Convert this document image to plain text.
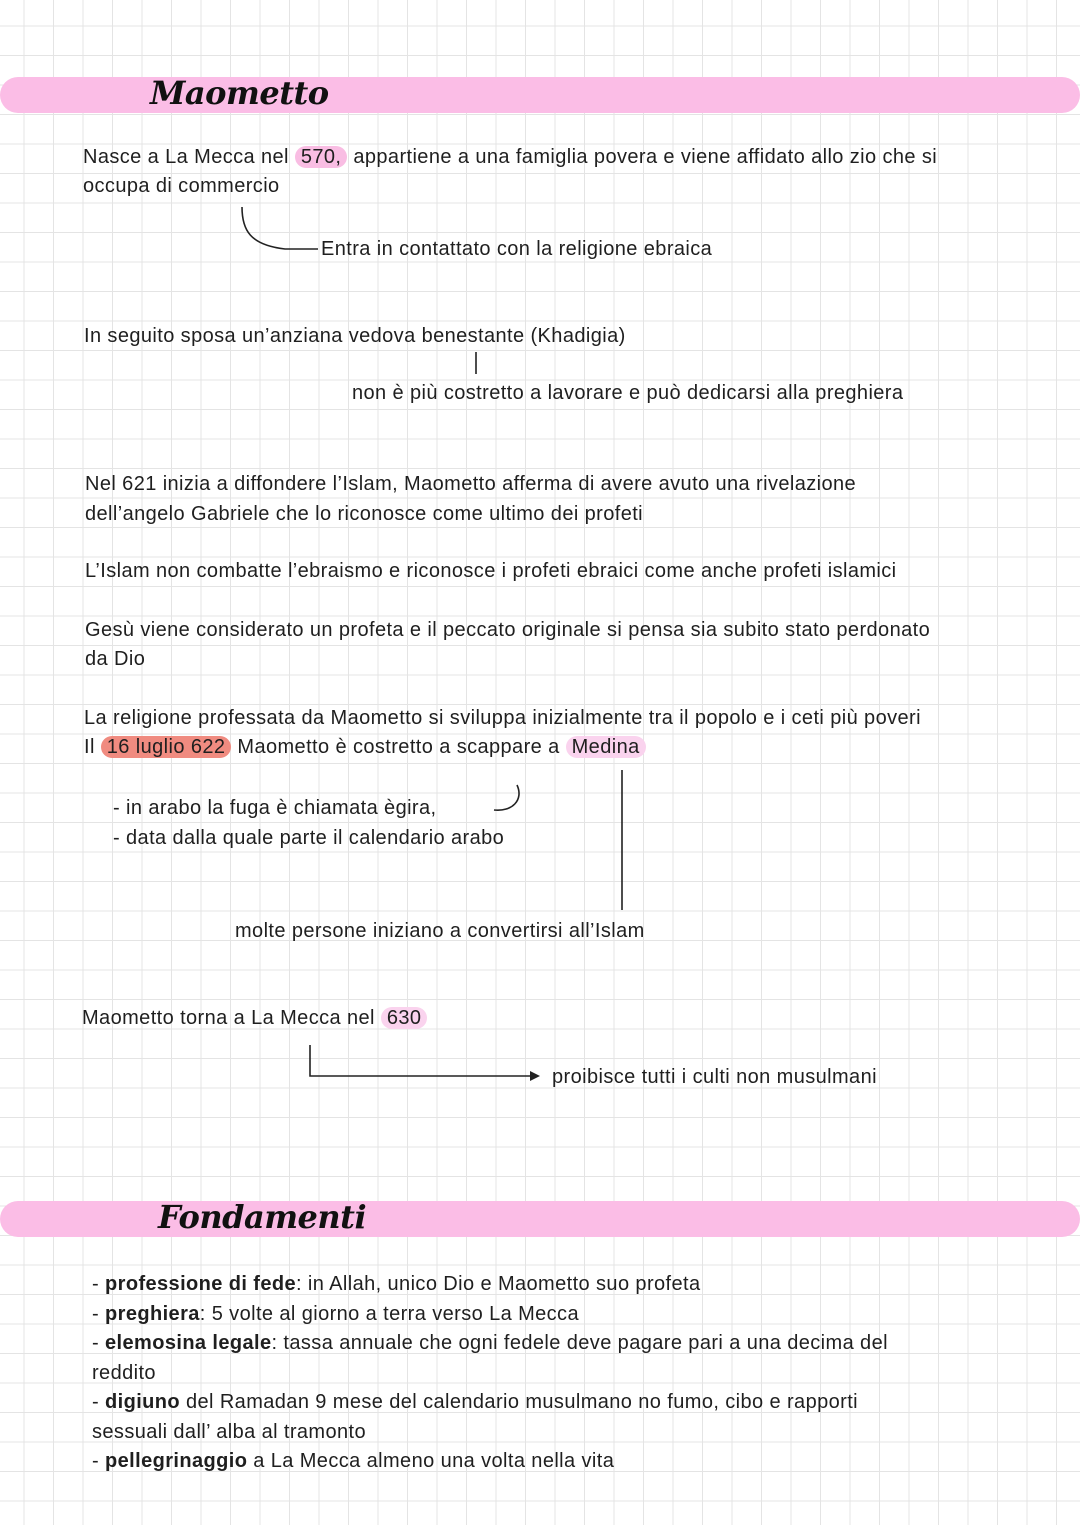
Maometto
Nasce a La Mecca nel 570, appartiene a una famiglia povera e viene affidato allo zio che si
occupa di commercio
Entra in contattato con la religione ebraica
In seguito sposa un’anziana vedova benestante (Khadigia)
non è più costretto a lavorare e può dedicarsi alla preghiera
Nel 621 inizia a diffondere l’Islam, Maometto afferma di avere avuto una rivelazione
dell’angelo Gabriele che lo riconosce come ultimo dei profeti
L’Islam non combatte l’ebraismo e riconosce i profeti ebraici come anche profeti islamici
Gesù viene considerato un profeta e il peccato originale si pensa sia subito stato perdonato
da Dio
La religione professata da Maometto si sviluppa inizialmente tra il popolo e i ceti più poveri
Il 16 luglio 622 Maometto è costretto a scappare a Medina
- in arabo la fuga è chiamata ègira,
- data dalla quale parte il calendario arabo
molte persone iniziano a convertirsi all’Islam
Maometto torna a La Mecca nel 630
proibisce tutti i culti non musulmani
Fondamenti
- professione di fede: in Allah, unico Dio e Maometto suo profeta
- preghiera: 5 volte al giorno a terra verso La Mecca
- elemosina legale: tassa annuale che ogni fedele deve pagare pari a una decima del
reddito
- digiuno del Ramadan 9 mese del calendario musulmano no fumo, cibo e rapporti
sessuali dall’ alba al tramonto
- pellegrinaggio a La Mecca almeno una volta nella vita
